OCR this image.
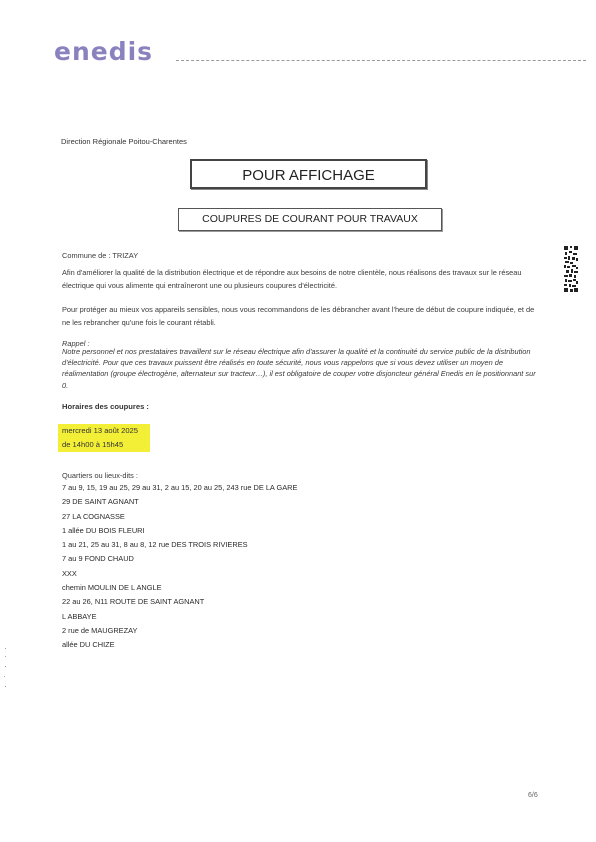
enedis
Direction Régionale Poitou-Charentes
POUR AFFICHAGE
COUPURES DE COURANT POUR TRAVAUX
Commune de : TRIZAY
Afin d'améliorer la qualité de la distribution électrique et de répondre aux besoins de notre clientèle, nous réalisons des travaux sur le réseau électrique qui vous alimente qui entraîneront une ou plusieurs coupures d'électricité.
Pour protéger au mieux vos appareils sensibles, nous vous recommandons de les débrancher avant l'heure de début de coupure indiquée, et de ne les rebrancher qu'une fois le courant rétabli.
Rappel :
Notre personnel et nos prestataires travaillent sur le réseau électrique afin d'assurer la qualité et la continuité du service public de la distribution d'électricité. Pour que ces travaux puissent être réalisés en toute sécurité, nous vous rappelons que si vous devez utiliser un moyen de réalimentation (groupe électrogène, alternateur sur tracteur…), il est obligatoire de couper votre disjoncteur général Enedis en le positionnant sur 0.
Horaires des coupures :
mercredi 13 août 2025
de 14h00 à 15h45
Quartiers ou lieux-dits :
7 au 9, 15, 19 au 25, 29 au 31, 2 au 15, 20 au 25, 243 rue DE LA GARE
29 DE SAINT AGNANT
27 LA COGNASSE
1 allée DU BOIS FLEURI
1 au 21, 25 au 31, 8 au 8, 12 rue DES TROIS RIVIERES
7 au 9 FOND CHAUD
XXX
chemin MOULIN DE L ANGLE
22 au 26, N11 ROUTE DE SAINT AGNANT
L ABBAYE
2 rue de MAUGREZAY
allée DU CHIZE
6/6
